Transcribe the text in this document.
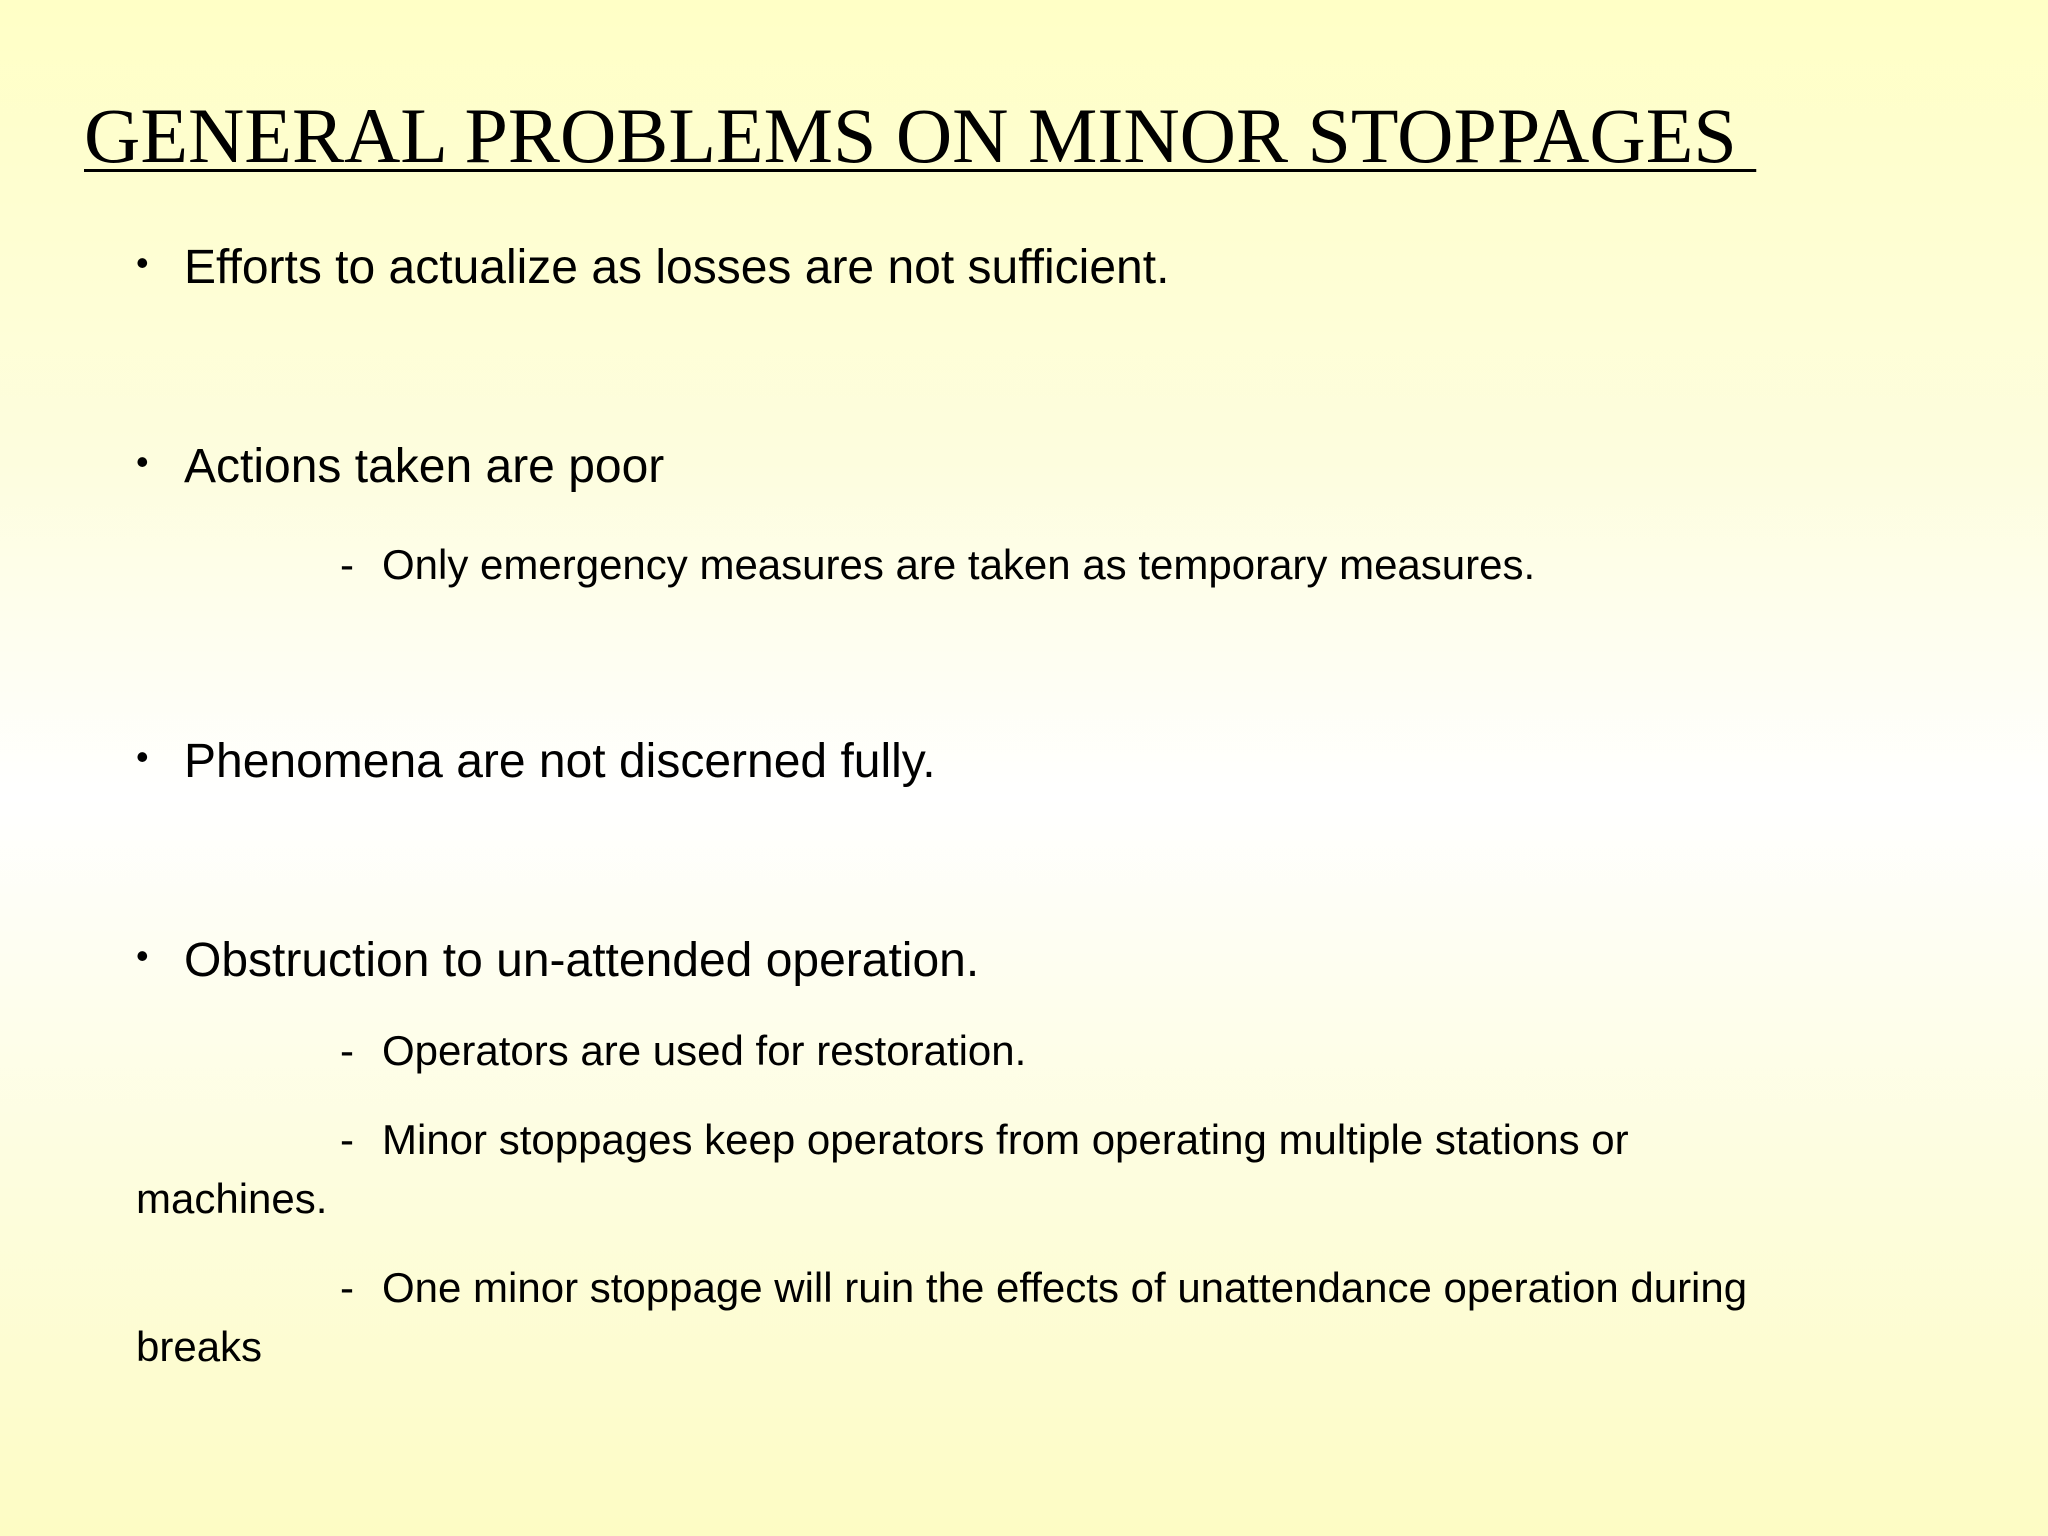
GENERAL PROBLEMS ON MINOR STOPPAGES
• Efforts to actualize as losses are not sufficient.
• Actions taken are poor
- Only emergency measures are taken as temporary measures.
• Phenomena are not discerned fully.
• Obstruction to un-attended operation.
- Operators are used for restoration.
- Minor stoppages keep operators from operating multiple stations or
machines.
- One minor stoppage will ruin the effects of unattendance operation during
breaks
